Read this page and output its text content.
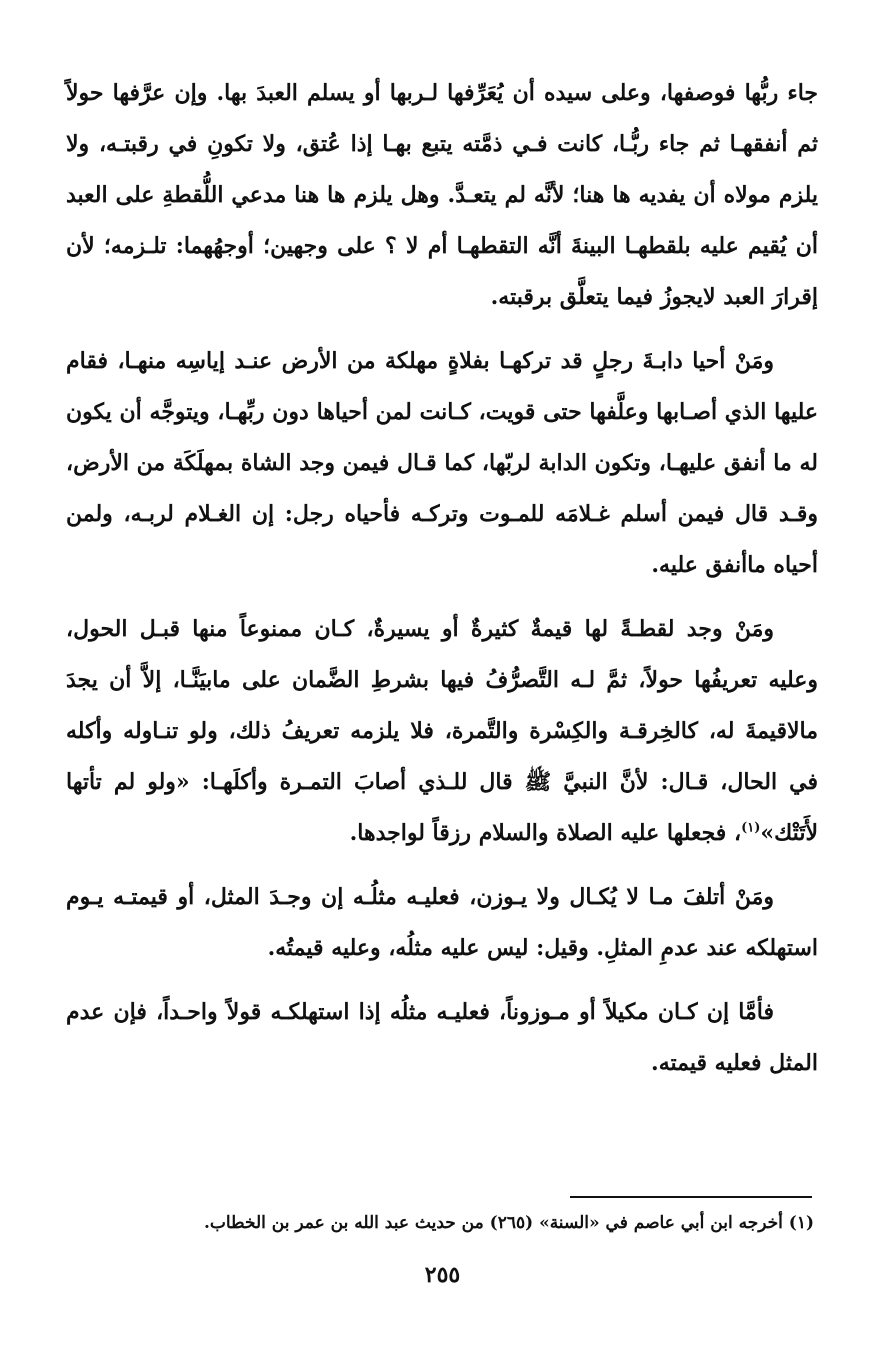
جاء ربُّها فوصفها، وعلى سيده أن يُعَرِّفها لـربها أو يسلم العبدَ بها. وإن عرَّفها حولاً ثم أنفقهـا ثم جاء ربُّـا، كانت فـي ذمَّته يتبع بهـا إذا عُتق، ولا تكونِ في رقبتـه، ولا يلزم مولاه أن يفديه ها هنا؛ لأنَّه لم يتعـدَّ. وهل يلزم ها هنا مدعي اللُّقطةِ على العبد أن يُقيم عليه بلقطهـا البينةَ أنَّه التقطهـا أم لا ؟ على وجهين؛ أوجهُهما: تلـزمه؛ لأن إقرارَ العبد لايجوزُ فيما يتعلَّق برقبته.

ومَنْ أحيا دابـةَ رجلٍ قد تركهـا بفلاةٍ مهلكة من الأرض عنـد إياسِه منهـا، فقام عليها الذي أصـابها وعلَّفها حتى قويت، كـانت لمن أحياها دون ربِّهـا، ويتوجَّه أن يكون له ما أنفق عليهـا، وتكون الدابة لربّها، كما قـال فيمن وجد الشاة بمهلَكَة من الأرض، وقـد قال فيمن أسلم غـلامَه للمـوت وتركـه فأحياه رجل: إن الغـلام لربـه، ولمن أحياه ماأنفق عليه.

ومَنْ وجد لقطـةً لها قيمةٌ كثيرةٌ أو يسيرةٌ، كـان ممنوعاً منها قبـل الحول، وعليه تعريفُها حولاً، ثمَّ لـه التَّصرُّفُ فيها بشرطِ الضَّمان على مابيَنَّـا، إلاَّ أن يجدَ مالاقيمةَ له، كالخِرقـة والكِسْرة والتَّمرة، فلا يلزمه تعريفُ ذلك، ولو تنـاوله وأكله في الحال، قـال: لأنَّ النبيَّ ﷺ قال للـذي أصابَ التمـرة وأكلَهـا: «ولو لم تأتها لأَتَتْك»$^{(١)}$، فجعلها عليه الصلاة والسلام رزقاً لواجدها.

ومَنْ أتلفَ مـا لا يُكـال ولا يـوزن، فعليـه مثلُـه إن وجـدَ المثل، أو قيمتـه يـوم استهلكه عند عدمِ المثلِ. وقيل: ليس عليه مثلُه، وعليه قيمتُه.

فأمَّا إن كـان مكيلاً أو مـوزوناً، فعليـه مثلُه إذا استهلكـه قولاً واحـداً، فإن عدم المثل فعليه قيمته.

(١) أخرجه ابن أبي عاصم في «السنة» (٢٦٥) من حديث عبد الله بن عمر بن الخطاب.
٢٥٥
